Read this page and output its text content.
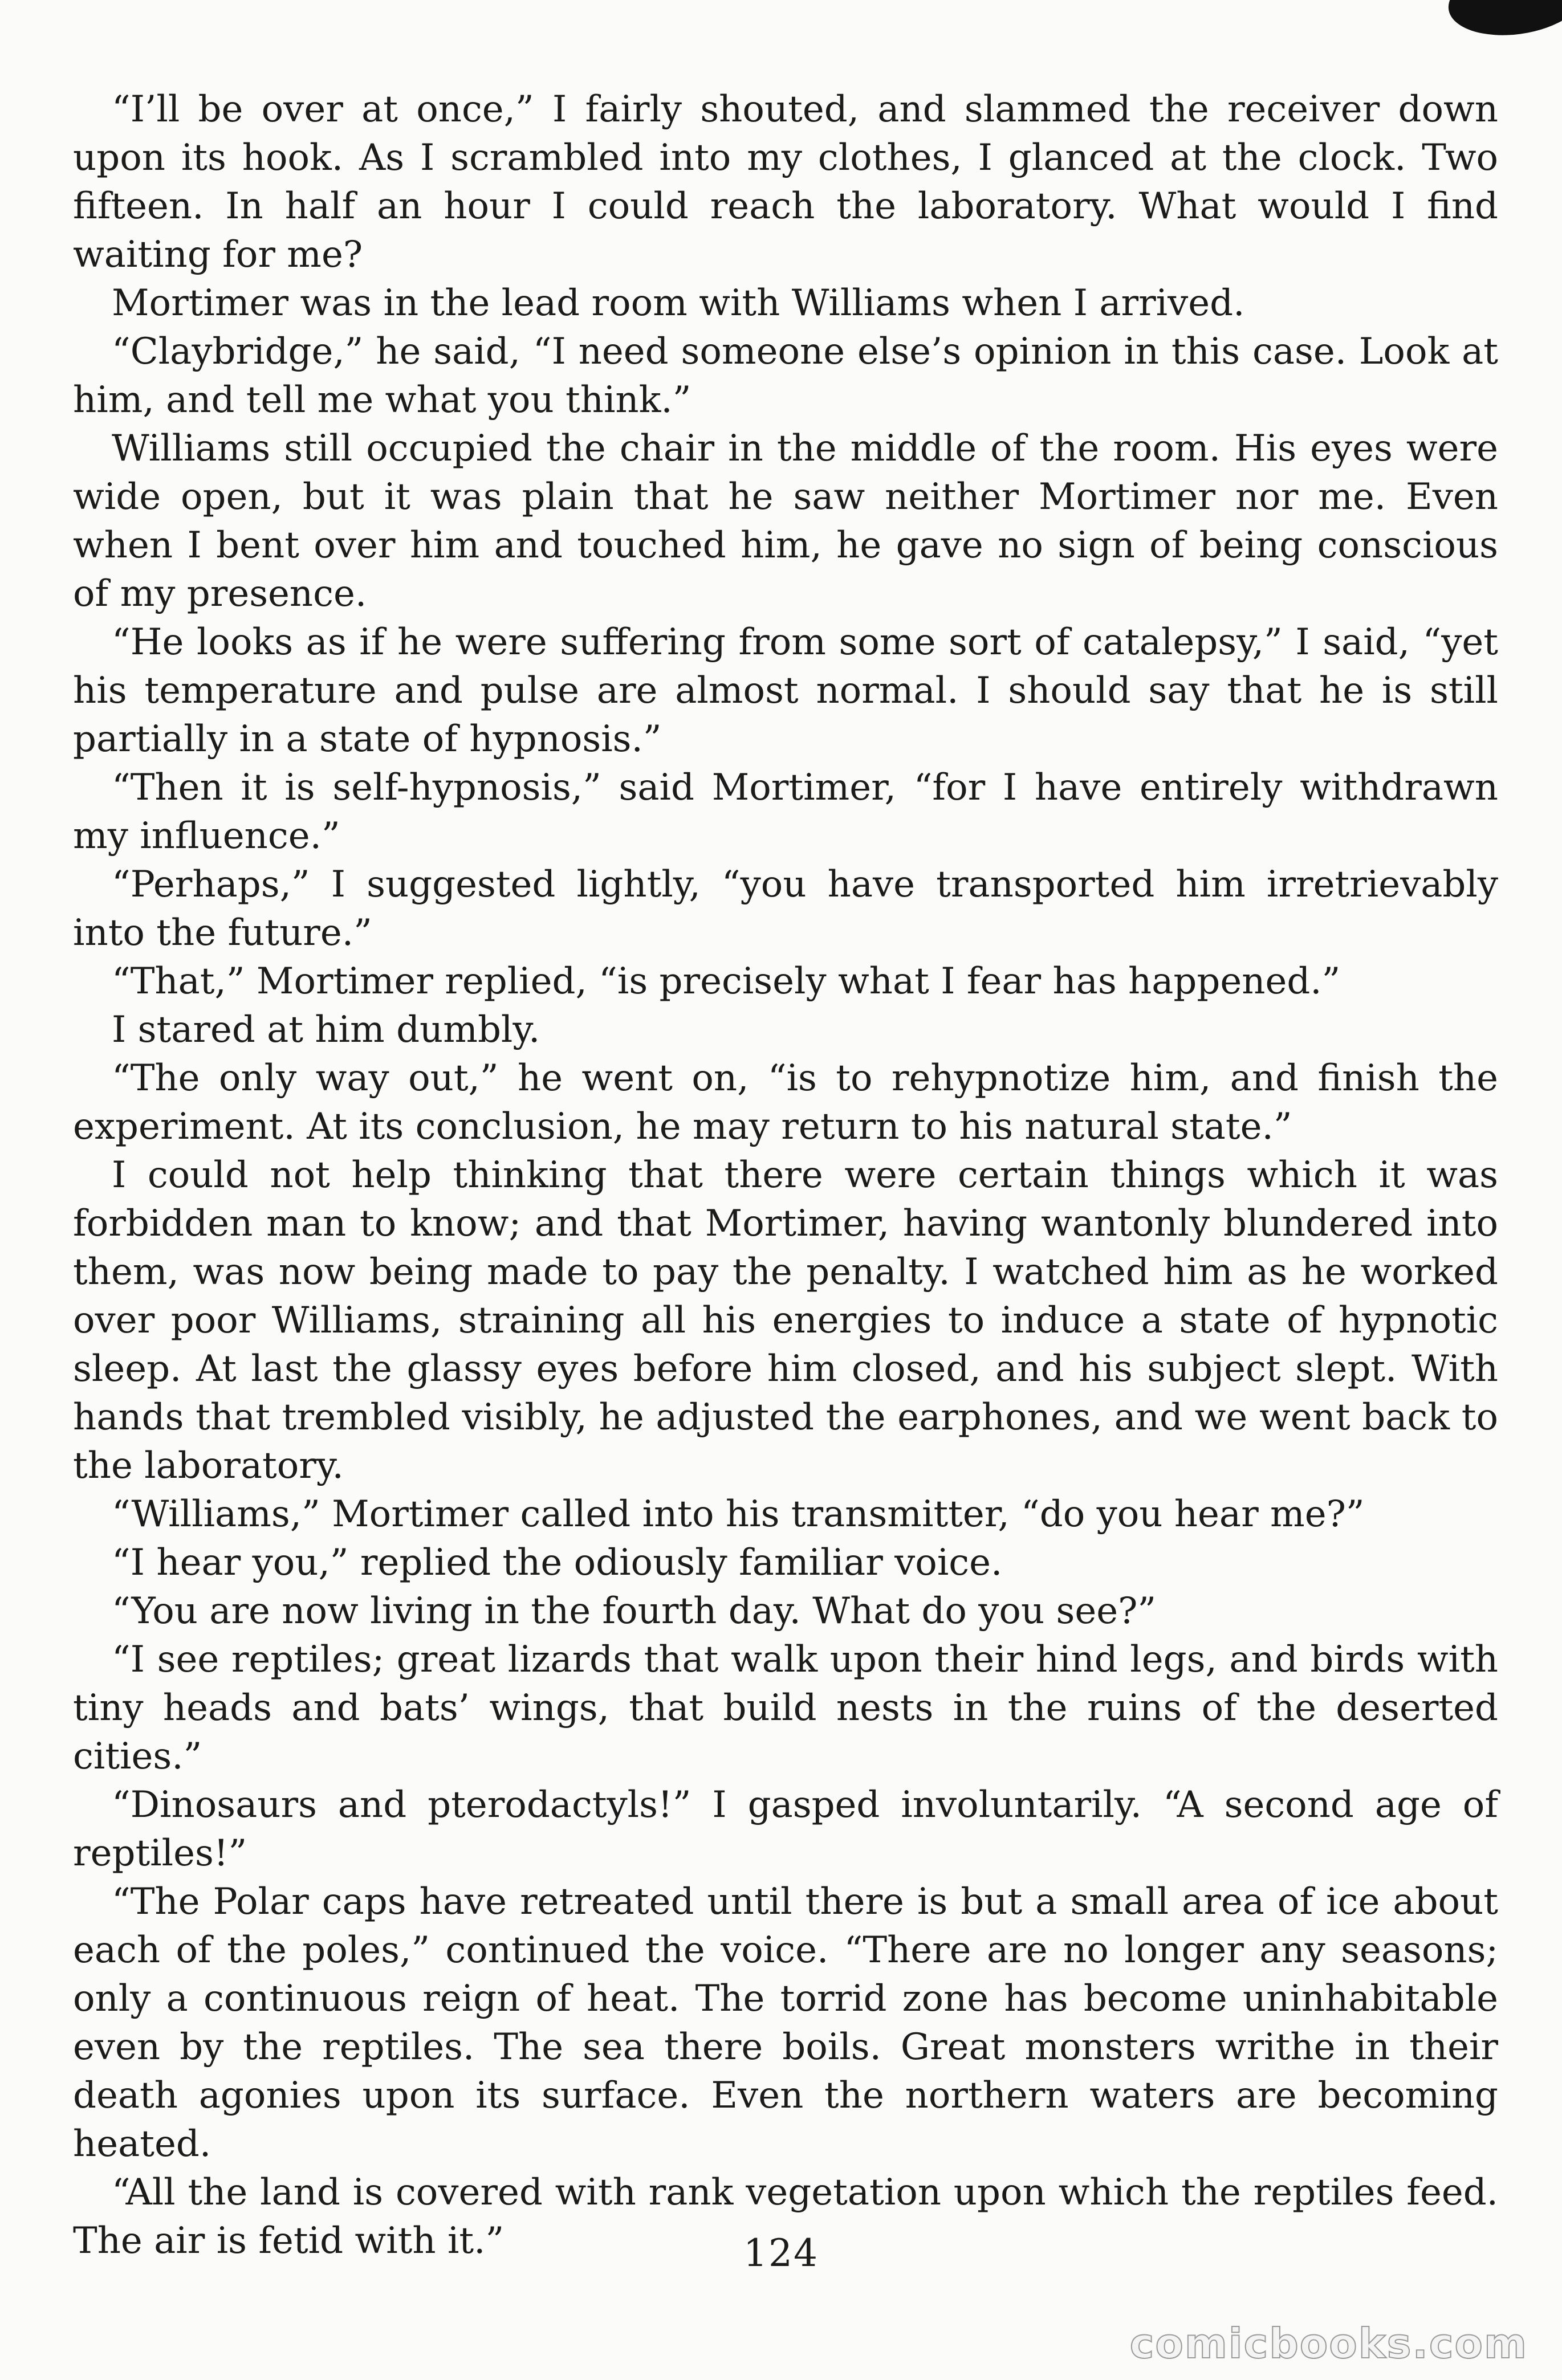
“I’ll be over at once,” I fairly shouted, and slammed the receiver down upon its hook. As I scrambled into my clothes, I glanced at the clock. Two fifteen. In half an hour I could reach the laboratory. What would I find waiting for me?

Mortimer was in the lead room with Williams when I arrived.

“Claybridge,” he said, “I need someone else’s opinion in this case. Look at him, and tell me what you think.”

Williams still occupied the chair in the middle of the room. His eyes were wide open, but it was plain that he saw neither Mortimer nor me. Even when I bent over him and touched him, he gave no sign of being conscious of my presence.

“He looks as if he were suffering from some sort of catalepsy,” I said, “yet his temperature and pulse are almost normal. I should say that he is still partially in a state of hypnosis.”

“Then it is self-hypnosis,” said Mortimer, “for I have entirely withdrawn my influence.”

“Perhaps,” I suggested lightly, “you have transported him irretrievably into the future.”

“That,” Mortimer replied, “is precisely what I fear has happened.”

I stared at him dumbly.

“The only way out,” he went on, “is to rehypnotize him, and finish the experiment. At its conclusion, he may return to his natural state.”

I could not help thinking that there were certain things which it was forbidden man to know; and that Mortimer, having wantonly blundered into them, was now being made to pay the penalty. I watched him as he worked over poor Williams, straining all his energies to induce a state of hypnotic sleep. At last the glassy eyes before him closed, and his subject slept. With hands that trembled visibly, he adjusted the earphones, and we went back to the laboratory.

“Williams,” Mortimer called into his transmitter, “do you hear me?”

“I hear you,” replied the odiously familiar voice.

“You are now living in the fourth day. What do you see?”

“I see reptiles; great lizards that walk upon their hind legs, and birds with tiny heads and bats’ wings, that build nests in the ruins of the deserted cities.”

“Dinosaurs and pterodactyls!” I gasped involuntarily. “A second age of reptiles!”

“The Polar caps have retreated until there is but a small area of ice about each of the poles,” continued the voice. “There are no longer any seasons; only a continuous reign of heat. The torrid zone has become uninhabitable even by the reptiles. The sea there boils. Great monsters writhe in their death agonies upon its surface. Even the northern waters are becoming heated.

“All the land is covered with rank vegetation upon which the reptiles feed. The air is fetid with it.”	124
comicbooks.com
